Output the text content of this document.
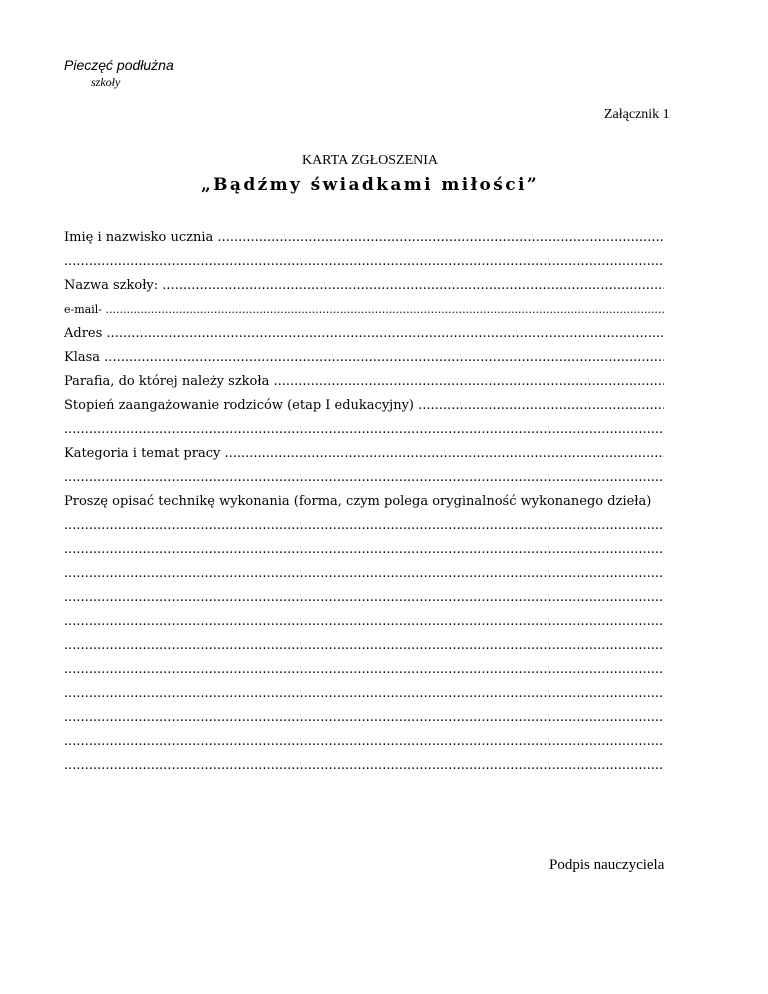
Pieczęć podłużna
szkoły
Załącznik 1
KARTA ZGŁOSZENIA
„Bądźmy świadkami miłości”
Imię i nazwisko ucznia .....
.....
Nazwa szkoły: .....
e-mail- .....
Adres .....
Klasa .....
Parafia, do której należy szkoła .....
Stopień zaangażowanie rodziców (etap I edukacyjny) .....
.....
Kategoria i temat pracy .....
.....
Proszę opisać technikę wykonania (forma, czym polega oryginalność wykonanego dzieła)
.....
.....
.....
.....
.....
.....
.....
.....
.....
.....
.....
Podpis nauczyciela
